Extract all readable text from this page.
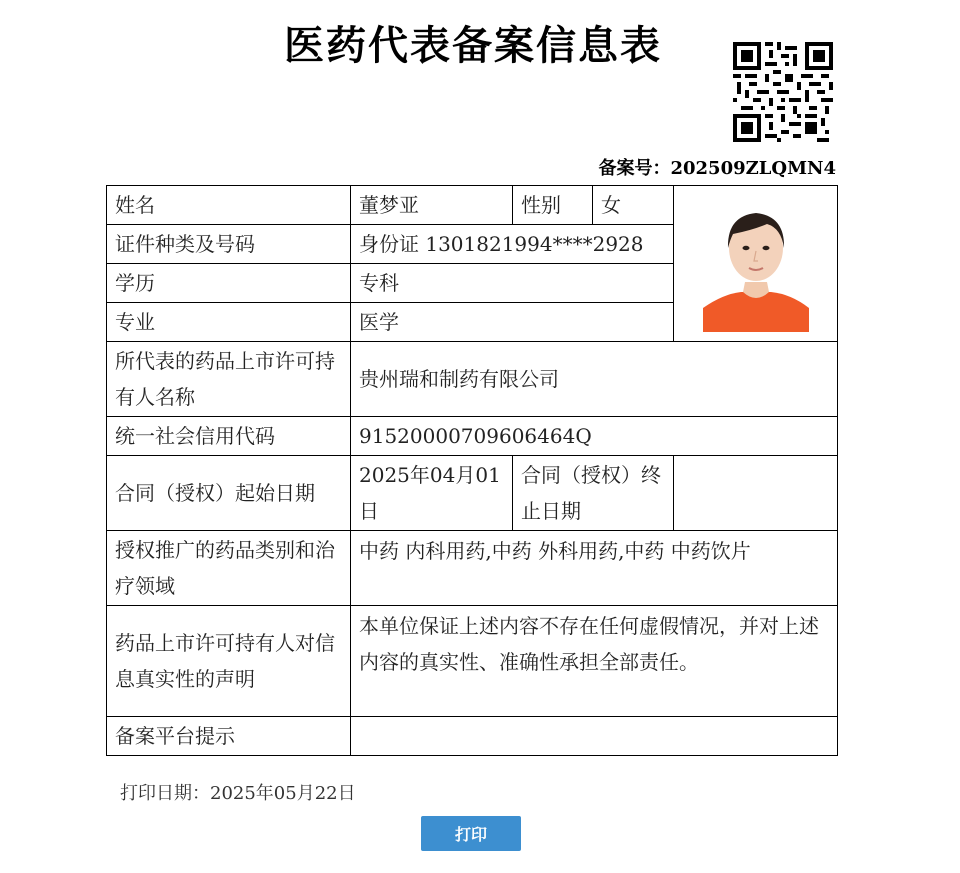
医药代表备案信息表
备案号：202509ZLQMN4
姓名	董梦亚	性别	女	

证件种类及号码	身份证 1301821994****2928			
学历	专科			
专业	医学			
所代表的药品上市许可持有人名称	贵州瑞和制药有限公司			
统一社会信用代码	91520000709606464Q			
合同（授权）起始日期	2025年04月01日	合同（授权）终止日期		
授权推广的药品类别和治疗领域	中药 内科用药,中药 外科用药,中药 中药饮片			
药品上市许可持有人对信息真实性的声明	本单位保证上述内容不存在任何虚假情况，并对上述内容的真实性、准确性承担全部责任。			
备案平台提示				
打印日期：2025年05月22日
打印
